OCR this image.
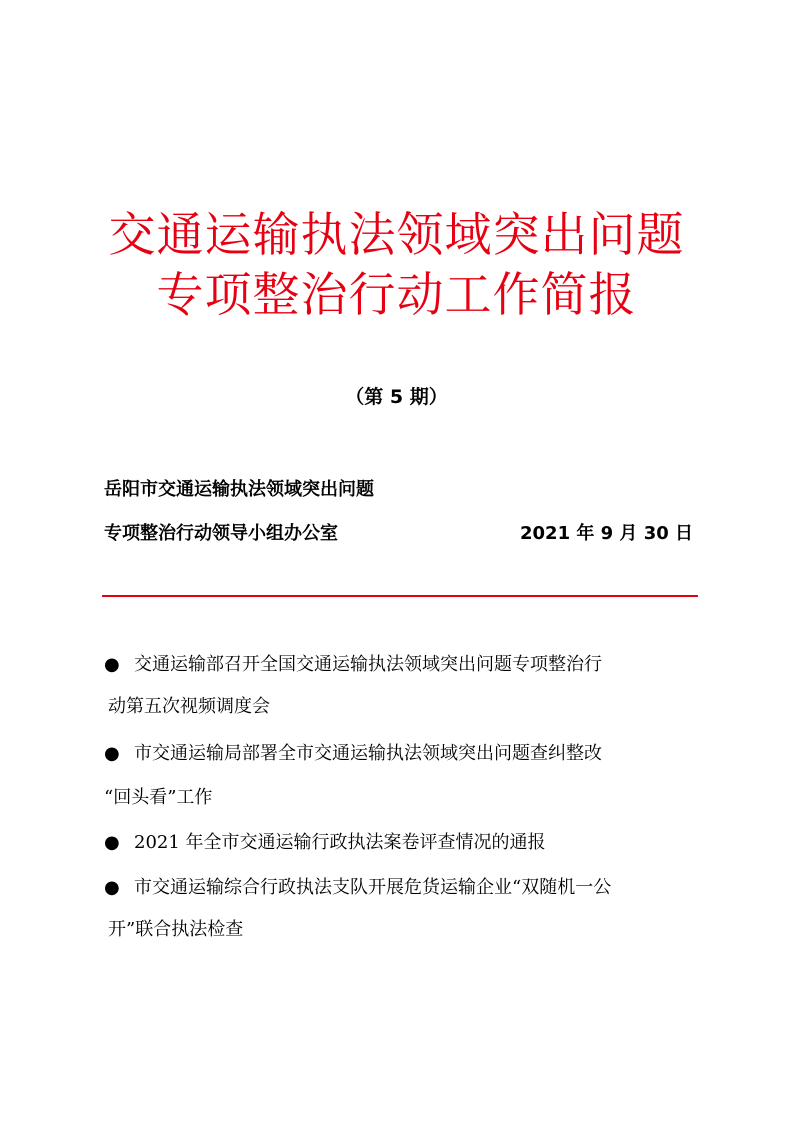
交通运输执法领域突出问题
专项整治行动工作简报
（第 5 期）
岳阳市交通运输执法领域突出问题
专项整治行动领导小组办公室	2021 年 9 月 30 日
● 交通运输部召开全国交通运输执法领域突出问题专项整治行
动第五次视频调度会
● 市交通运输局部署全市交通运输执法领域突出问题查纠整改
“回头看”工作
● 2021 年全市交通运输行政执法案卷评查情况的通报
● 市交通运输综合行政执法支队开展危货运输企业“双随机一公
开”联合执法检查
